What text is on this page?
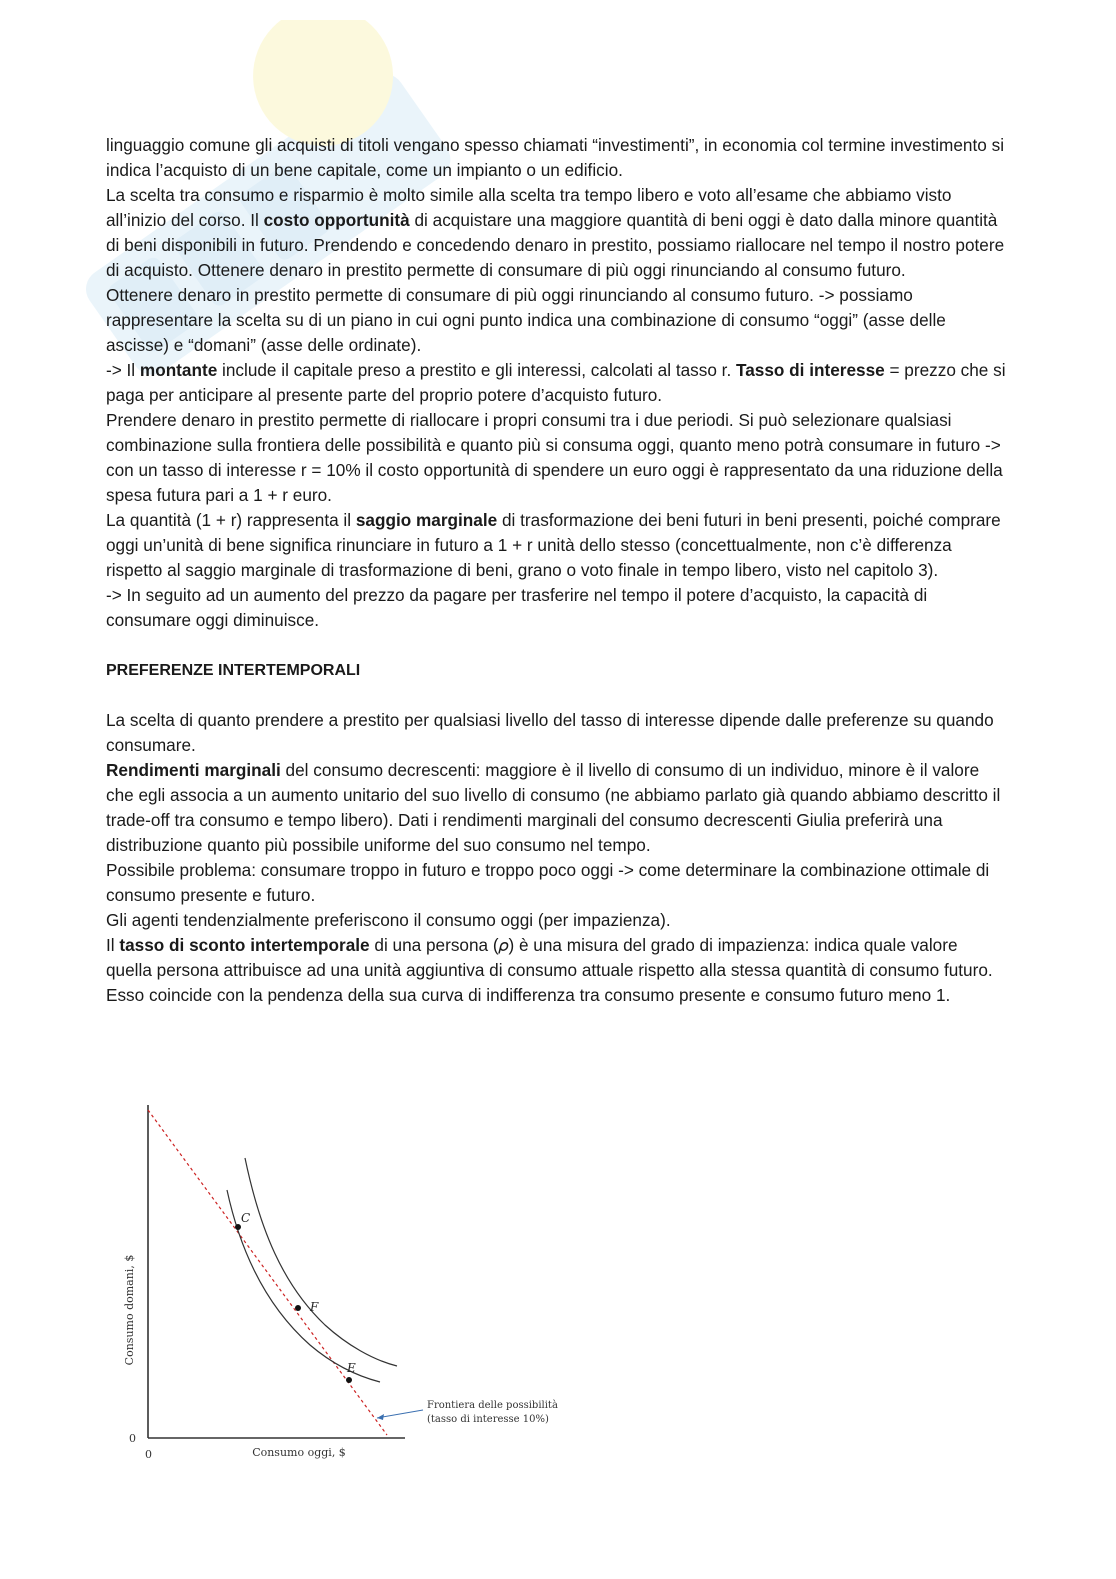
linguaggio comune gli acquisti di titoli vengano spesso chiamati “investimenti”, in economia col termine investimento si indica l’acquisto di un bene capitale, come un impianto o un edificio.

La scelta tra consumo e risparmio è molto simile alla scelta tra tempo libero e voto all’esame che abbiamo visto all’inizio del corso. Il costo opportunità di acquistare una maggiore quantità di beni oggi è dato dalla minore quantità di beni disponibili in futuro. Prendendo e concedendo denaro in prestito, possiamo riallocare nel tempo il nostro potere di acquisto. Ottenere denaro in prestito permette di consumare di più oggi rinunciando al consumo futuro.

Ottenere denaro in prestito permette di consumare di più oggi rinunciando al consumo futuro. -> possiamo rappresentare la scelta su di un piano in cui ogni punto indica una combinazione di consumo “oggi” (asse delle ascisse) e “domani” (asse delle ordinate).

-> Il montante include il capitale preso a prestito e gli interessi, calcolati al tasso r. Tasso di interesse = prezzo che si paga per anticipare al presente parte del proprio potere d’acquisto futuro.

Prendere denaro in prestito permette di riallocare i propri consumi tra i due periodi. Si può selezionare qualsiasi combinazione sulla frontiera delle possibilità e quanto più si consuma oggi, quanto meno potrà consumare in futuro -> con un tasso di interesse r = 10% il costo opportunità di spendere un euro oggi è rappresentato da una riduzione della spesa futura pari a 1 + r euro.

La quantità (1 + r) rappresenta il saggio marginale di trasformazione dei beni futuri in beni presenti, poiché comprare oggi un’unità di bene significa rinunciare in futuro a 1 + r unità dello stesso (concettualmente, non c’è differenza rispetto al saggio marginale di trasformazione di beni, grano o voto finale in tempo libero, visto nel capitolo 3).

-> In seguito ad un aumento del prezzo da pagare per trasferire nel tempo il potere d’acquisto, la capacità di consumare oggi diminuisce.

PREFERENZE INTERTEMPORALI

La scelta di quanto prendere a prestito per qualsiasi livello del tasso di interesse dipende dalle preferenze su quando consumare.

Rendimenti marginali del consumo decrescenti: maggiore è il livello di consumo di un individuo, minore è il valore che egli associa a un aumento unitario del suo livello di consumo (ne abbiamo parlato già quando abbiamo descritto il trade-off tra consumo e tempo libero). Dati i rendimenti marginali del consumo decrescenti Giulia preferirà una distribuzione quanto più possibile uniforme del suo consumo nel tempo.

Possibile problema: consumare troppo in futuro e troppo poco oggi -> come determinare la combinazione ottimale di consumo presente e futuro.

Gli agenti tendenzialmente preferiscono il consumo oggi (per impazienza).

Il tasso di sconto intertemporale di una persona (𝜌) è una misura del grado di impazienza: indica quale valore quella persona attribuisce ad una unità aggiuntiva di consumo attuale rispetto alla stessa quantità di consumo futuro. Esso coincide con la pendenza della sua curva di indifferenza tra consumo presente e consumo futuro meno 1.

Consumo domani, $
Consumo oggi, $
0
0
C
F
E
Frontiera delle possibilità
(tasso di interesse 10%)
